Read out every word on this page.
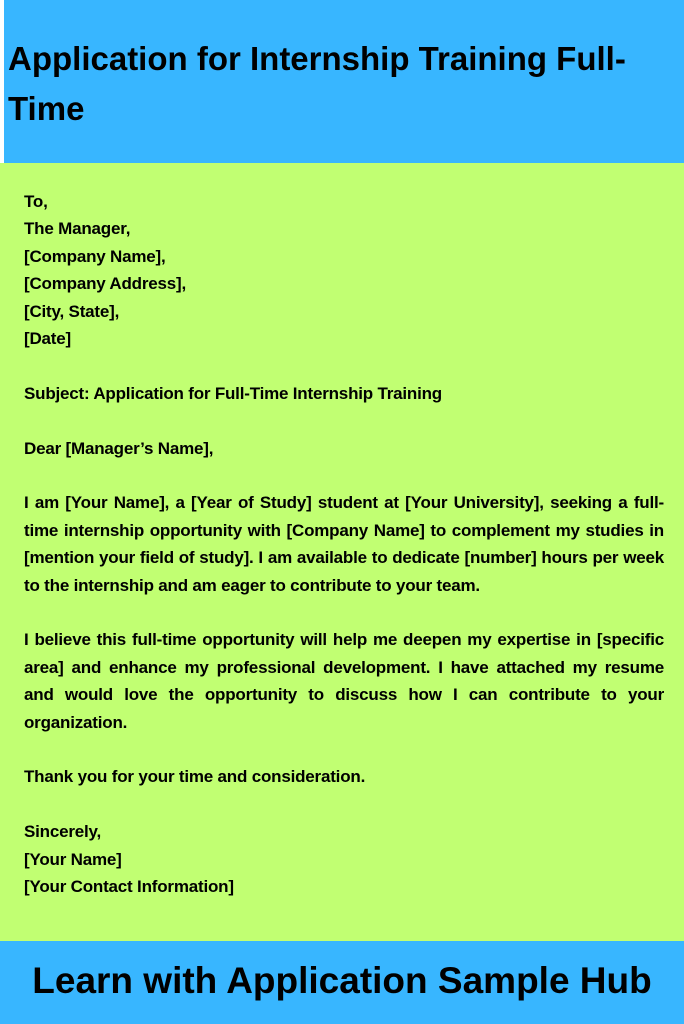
Application for Internship Training Full-Time
To,
The Manager,
[Company Name],
[Company Address],
[City, State],
[Date]
Subject: Application for Full-Time Internship Training
Dear [Manager’s Name],

I am [Your Name], a [Year of Study] student at [Your University], seeking a full-time internship opportunity with [Company Name] to complement my studies in [mention your field of study]. I am available to dedicate [number] hours per week to the internship and am eager to contribute to your team.

I believe this full-time opportunity will help me deepen my expertise in [specific area] and enhance my professional development. I have attached my resume and would love the opportunity to discuss how I can contribute to your organization.

Thank you for your time and consideration.
Sincerely,
[Your Name]
[Your Contact Information]
Learn with Application Sample Hub
